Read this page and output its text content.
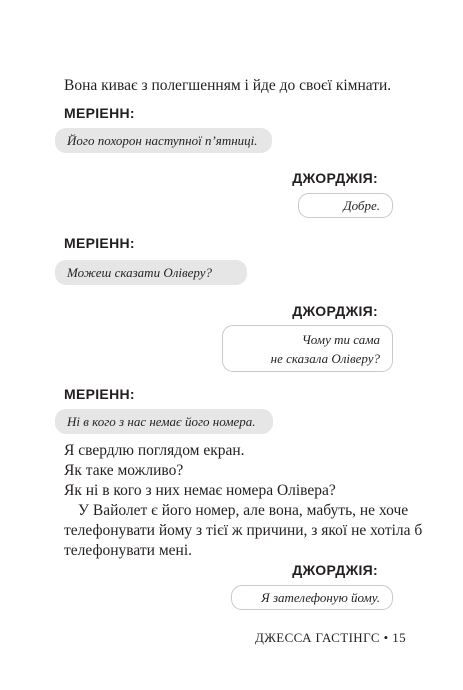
Вона киває з полегшенням і йде до своєї кімнати.

МЕРІЕНН:
Його похорон наступної п’ятниці.
ДЖОРДЖІЯ:
Добре.
МЕРІЕНН:
Можеш сказати Оліверу?
ДЖОРДЖІЯ:
Чому ти сама
не сказала Оліверу?
МЕРІЕНН:
Ні в кого з нас немає його номера.

Я свердлю поглядом екран.

Як таке можливо?

Як ні в кого з них немає номера Олівера?

У Вайолет є його номер, але вона, мабуть, не хоче

телефонувати йому з тієї ж причини, з якої не хотіла б

телефонувати мені.

ДЖОРДЖІЯ:
Я зателефоную йому.
ДЖЕССА ГАСТІНГС • 15
